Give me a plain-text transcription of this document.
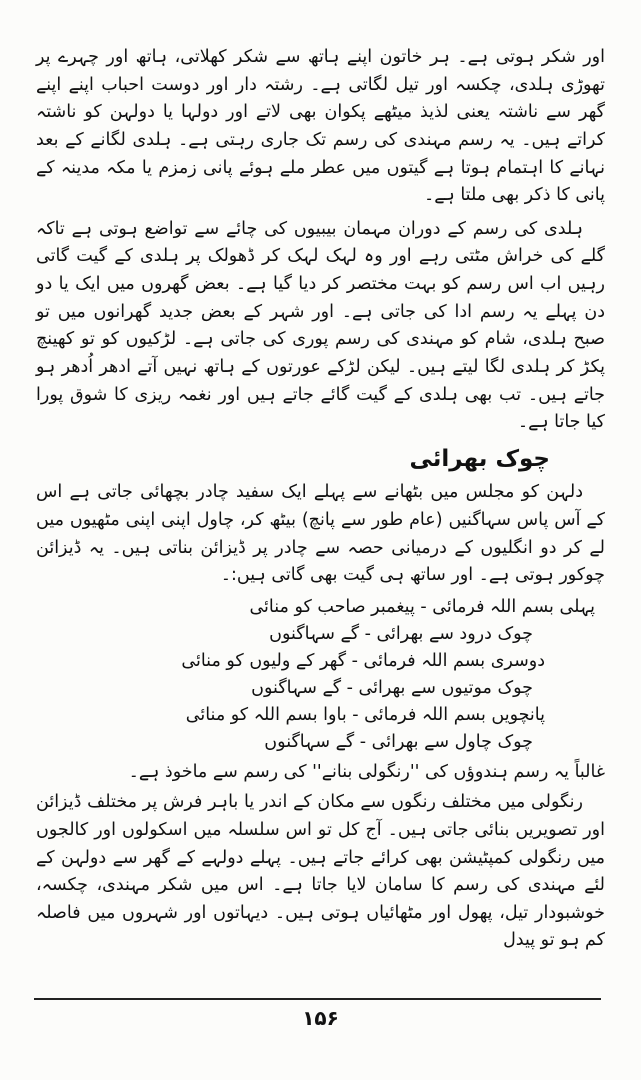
اور شکر ہوتی ہے۔ ہر خاتون اپنے ہاتھ سے شکر کھلاتی، ہاتھ اور چہرے پر تھوڑی ہلدی، چکسہ اور تیل لگاتی ہے۔ رشتہ دار اور دوست احباب اپنے اپنے گھر سے ناشتہ یعنی لذیذ میٹھے پکوان بھی لاتے اور دولہا یا دولہن کو ناشتہ کراتے ہیں۔ یہ رسم مہندی کی رسم تک جاری رہتی ہے۔ ہلدی لگانے کے بعد نہانے کا اہتمام ہوتا ہے گیتوں میں عطر ملے ہوئے پانی زمزم یا مکہ مدینہ کے پانی کا ذکر بھی ملتا ہے۔

ہلدی کی رسم کے دوران مہمان بیبیوں کی چائے سے تواضع ہوتی ہے تاکہ گلے کی خراش مٹتی رہے اور وہ لہک لہک کر ڈھولک پر ہلدی کے گیت گاتی رہیں اب اس رسم کو بہت مختصر کر دیا گیا ہے۔ بعض گھروں میں ایک یا دو دن پہلے یہ رسم ادا کی جاتی ہے۔ اور شہر کے بعض جدید گھرانوں میں تو صبح ہلدی، شام کو مہندی کی رسم پوری کی جاتی ہے۔ لڑکیوں کو تو کھینچ پکڑ کر ہلدی لگا لیتے ہیں۔ لیکن لڑکے عورتوں کے ہاتھ نہیں آتے ادھر اُدھر ہو جاتے ہیں۔ تب بھی ہلدی کے گیت گائے جاتے ہیں اور نغمہ ریزی کا شوق پورا کیا جاتا ہے۔

چوک بھرائی

دلہن کو مجلس میں بٹھانے سے پہلے ایک سفید چادر بچھائی جاتی ہے اس کے آس پاس سہاگنیں (عام طور سے پانچ) بیٹھ کر، چاول اپنی اپنی مٹھیوں میں لے کر دو انگلیوں کے درمیانی حصہ سے چادر پر ڈیزائن بناتی ہیں۔ یہ ڈیزائن چوکور ہوتی ہے۔ اور ساتھ ہی گیت بھی گاتی ہیں:۔

پہلی بسم اللہ فرمائی - پیغمبر صاحب کو منائی

چوک درود سے بھرائی - گے سہاگنوں

دوسری بسم اللہ فرمائی - گھر کے ولیوں کو منائی

چوک موتیوں سے بھرائی - گے سہاگنوں

پانچویں بسم اللہ فرمائی - باوا بسم اللہ کو منائی

چوک چاول سے بھرائی - گے سہاگنوں

غالباً یہ رسم ہندوؤں کی ''رنگولی بنانے'' کی رسم سے ماخوذ ہے۔

رنگولی میں مختلف رنگوں سے مکان کے اندر یا باہر فرش پر مختلف ڈیزائن اور تصویریں بنائی جاتی ہیں۔ آج کل تو اس سلسلہ میں اسکولوں اور کالجوں میں رنگولی کمپٹیشن بھی کرائے جاتے ہیں۔ پہلے دولہے کے گھر سے دولہن کے لئے مہندی کی رسم کا سامان لایا جاتا ہے۔ اس میں شکر مہندی، چکسہ، خوشبودار تیل، پھول اور مٹھائیاں ہوتی ہیں۔ دیہاتوں اور شہروں میں فاصلہ کم ہو تو پیدل

۱۵۶
